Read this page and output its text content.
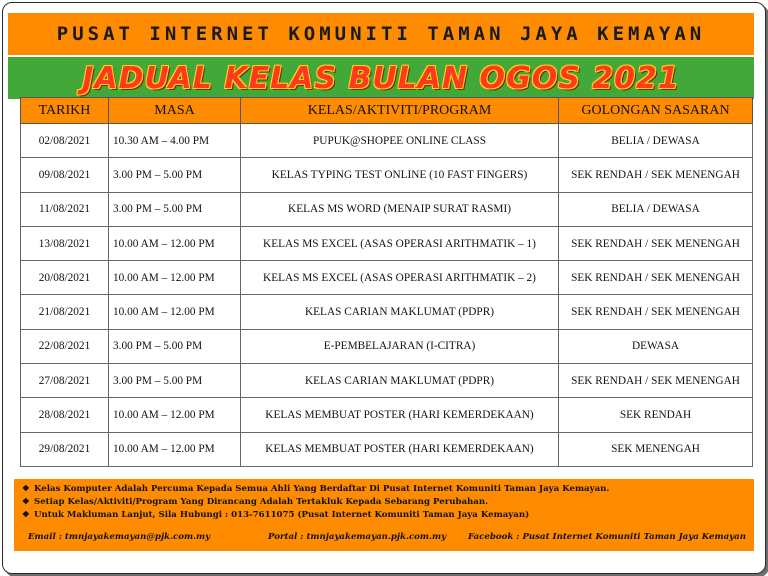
PUSAT INTERNET KOMUNITI TAMAN JAYA KEMAYAN
JADUAL KELAS BULAN OGOS 2021
TARIKH	MASA	KELAS/AKTIVITI/PROGRAM	GOLONGAN SASARAN
02/08/2021	10.30 AM – 4.00 PM	PUPUK@SHOPEE ONLINE CLASS	BELIA / DEWASA
09/08/2021	3.00 PM – 5.00 PM	KELAS TYPING TEST ONLINE (10 FAST FINGERS)	SEK RENDAH / SEK MENENGAH
11/08/2021	3.00 PM – 5.00 PM	KELAS MS WORD (MENAIP SURAT RASMI)	BELIA / DEWASA
13/08/2021	10.00 AM – 12.00 PM	KELAS MS EXCEL (ASAS OPERASI ARITHMATIK – 1)	SEK RENDAH / SEK MENENGAH
20/08/2021	10.00 AM – 12.00 PM	KELAS MS EXCEL (ASAS OPERASI ARITHMATIK – 2)	SEK RENDAH / SEK MENENGAH
21/08/2021	10.00 AM – 12.00 PM	KELAS CARIAN MAKLUMAT (PDPR)	SEK RENDAH / SEK MENENGAH
22/08/2021	3.00 PM – 5.00 PM	E-PEMBELAJARAN (I-CITRA)	DEWASA
27/08/2021	3.00 PM – 5.00 PM	KELAS CARIAN MAKLUMAT (PDPR)	SEK RENDAH / SEK MENENGAH
28/08/2021	10.00 AM – 12.00 PM	KELAS MEMBUAT POSTER (HARI KEMERDEKAAN)	SEK RENDAH
29/08/2021	10.00 AM – 12.00 PM	KELAS MEMBUAT POSTER (HARI KEMERDEKAAN)	SEK MENENGAH
❖ Kelas Komputer Adalah Percuma Kepada Semua Ahli Yang Berdaftar Di Pusat Internet Komuniti Taman Jaya Kemayan.
❖ Setiap Kelas/Aktiviti/Program Yang Dirancang Adalah Tertakluk Kepada Sebarang Perubahan.
❖ Untuk Makluman Lanjut, Sila Hubungi : 013-7611075 (Pusat Internet Komuniti Taman Jaya Kemayan)
Email : tmnjayakemayan@pjk.com.my	Portal : tmnjayakemayan.pjk.com.my	Facebook : Pusat Internet Komuniti Taman Jaya Kemayan
